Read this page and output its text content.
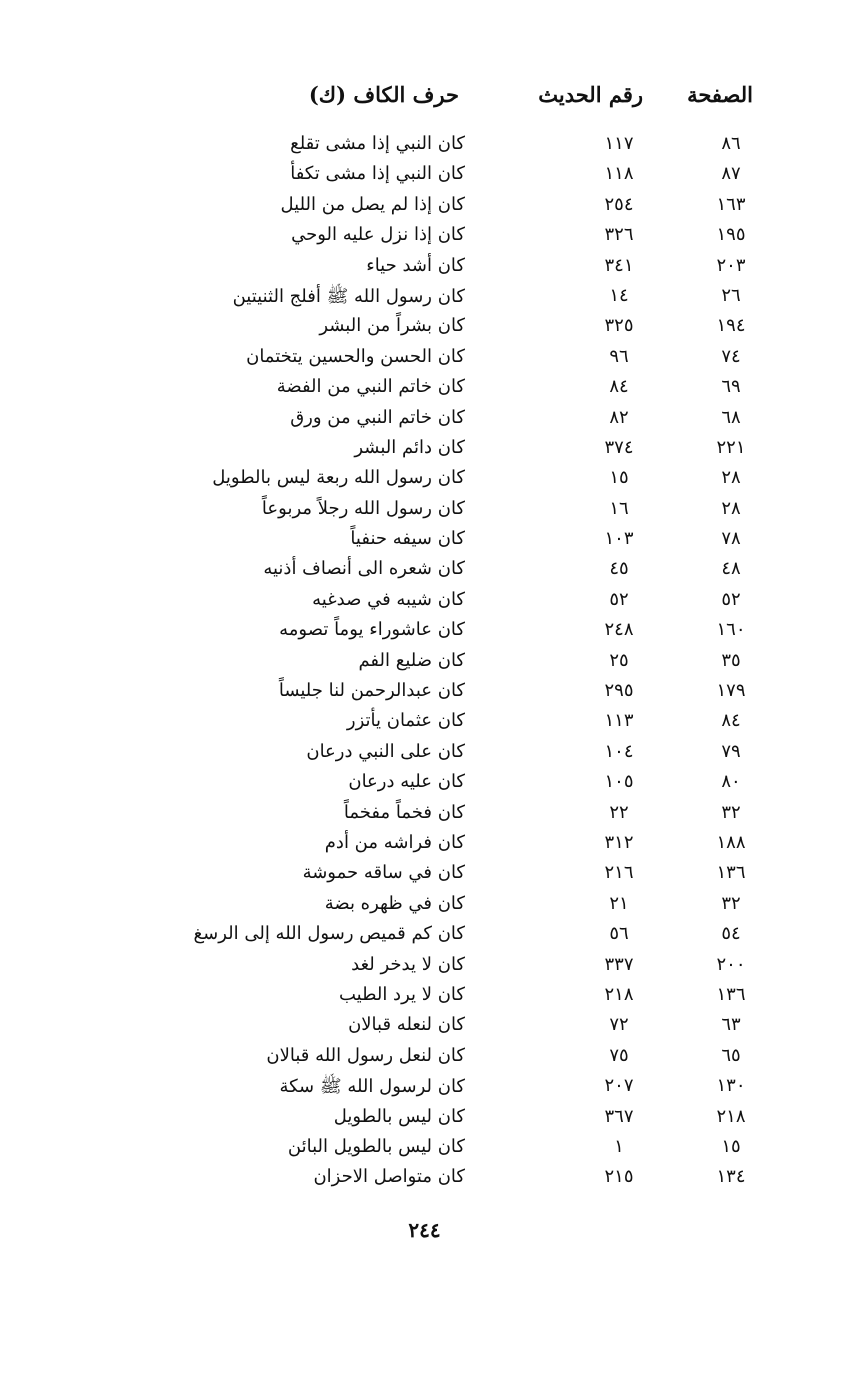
الصفحة
رقم الحديث
حرف الكاف (ك)
٨٦
١١٧
كان النبي إذا مشى تقلع
٨٧
١١٨
كان النبي إذا مشى تكفأ
١٦٣
٢٥٤
كان إذا لم يصل من الليل
١٩٥
٣٢٦
كان إذا نزل عليه الوحي
٢٠٣
٣٤١
كان أشد حياء
٢٦
١٤
كان رسول الله ﷺ أفلج الثنيتين
١٩٤
٣٢٥
كان بشراً من البشر
٧٤
٩٦
كان الحسن والحسين يتختمان
٦٩
٨٤
كان خاتم النبي من الفضة
٦٨
٨٢
كان خاتم النبي من ورق
٢٢١
٣٧٤
كان دائم البشر
٢٨
١٥
كان رسول الله ربعة ليس بالطويل
٢٨
١٦
كان رسول الله رجلاً مربوعاً
٧٨
١٠٣
كان سيفه حنفياً
٤٨
٤٥
كان شعره الى أنصاف أذنيه
٥٢
٥٢
كان شيبه في صدغيه
١٦٠
٢٤٨
كان عاشوراء يوماً تصومه
٣٥
٢٥
كان ضليع الفم
١٧٩
٢٩٥
كان عبدالرحمن لنا جليساً
٨٤
١١٣
كان عثمان يأتزر
٧٩
١٠٤
كان على النبي درعان
٨٠
١٠٥
كان عليه درعان
٣٢
٢٢
كان فخماً مفخماً
١٨٨
٣١٢
كان فراشه من أدم
١٣٦
٢١٦
كان في ساقه حموشة
٣٢
٢١
كان في ظهره بضة
٥٤
٥٦
كان كم قميص رسول الله إلى الرسغ
٢٠٠
٣٣٧
كان لا يدخر لغد
١٣٦
٢١٨
كان لا يرد الطيب
٦٣
٧٢
كان لنعله قبالان
٦٥
٧٥
كان لنعل رسول الله قبالان
١٣٠
٢٠٧
كان لرسول الله ﷺ سكة
٢١٨
٣٦٧
كان ليس بالطويل
١٥
١
كان ليس بالطويل البائن
١٣٤
٢١٥
كان متواصل الاحزان
٢٤٤
